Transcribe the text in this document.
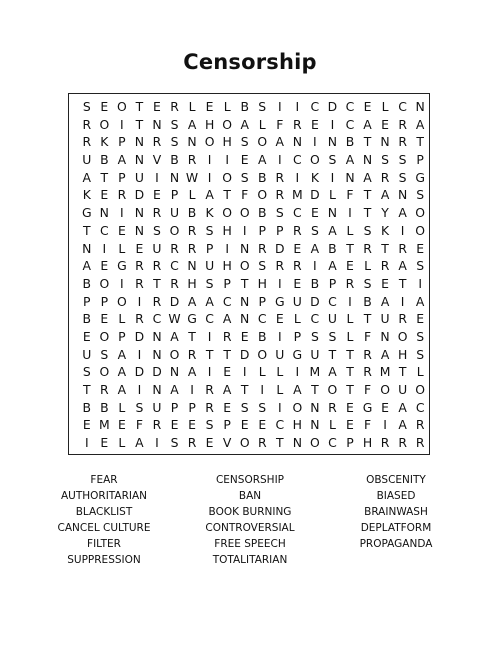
Censorship
S E O T E R L E L B S I	I C D C E L C N
R O I T N S A H O A L F R E I C A E R A
R K P N R S N O H S O A N I N B T N R T
U B A N V B R I	I E A I C O S A N S S P
A T P U I N W I O S B R I K I N A R S G
K E R D E P L A T F O R M D L F T A N S
G N I N R U B K O O B S C E N I T Y A O
T C E N S O R S H I P P R S A L S K I O
N I L E U R R P I N R D E A B T R T R E
A E G R R C N U H O S R R I A E L R A S
B O I R T R H S P T H I E B P R S E T I
P P O I R D A A C N P G U D C I B A I A
B E L R C W G C A N C E L C U L T U R E
E O P D N A T I R E B I P S S L F N O S
U S A I N O R T T D O U G U T T R A H S
S O A D D N A I E I L L I M A T R M T L
T R A I N A I R A T I L A T O T F O U O
B B L S U P P R E S S I O N R E G E A C
E M E F R E E S P E E C H N L E F I A R
I E L A I S R E V O R T N O C P H R R R
FEAR
AUTHORITARIAN
BLACKLIST
CANCEL CULTURE
FILTER
SUPPRESSION
CENSORSHIP
BAN
BOOK BURNING
CONTROVERSIAL
FREE SPEECH
TOTALITARIAN
OBSCENITY
BIASED
BRAINWASH
DEPLATFORM
PROPAGANDA
